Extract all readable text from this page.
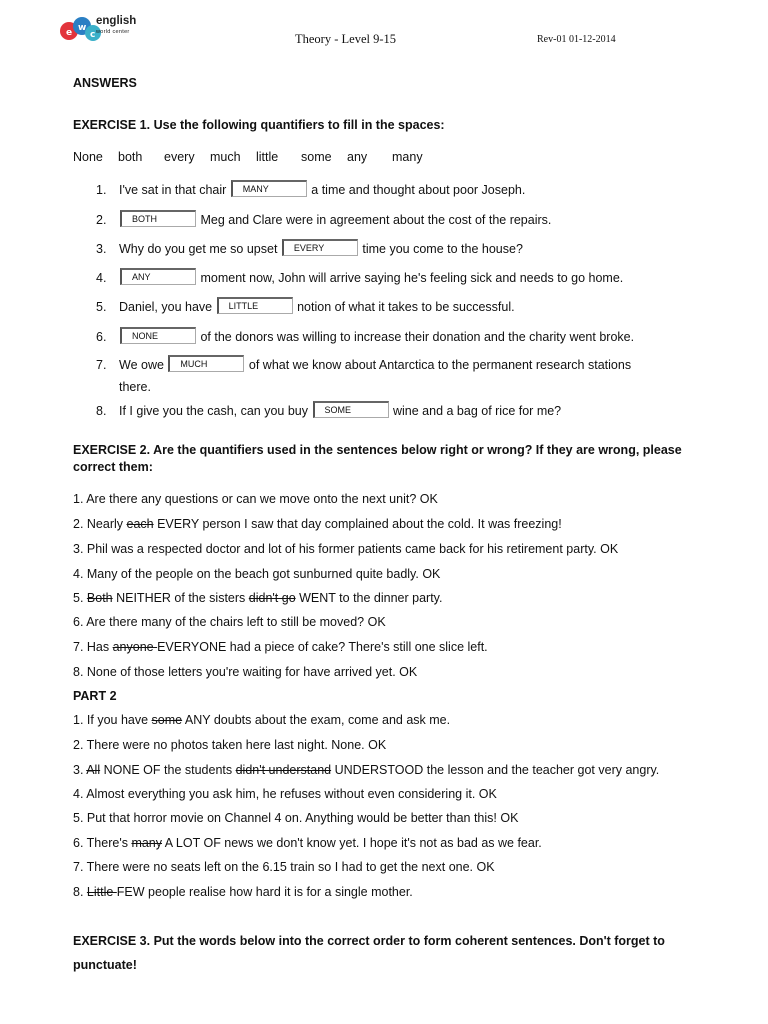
e w
c
english
world center	Theory - Level 9-15	Rev-01 01-12-2014
ANSWERS
EXERCISE 1. Use the following quantifiers to fill in the spaces:
None both every much little some any many
1. I've sat in that chair MANY	a time and thought about poor Joseph.
2.	BOTH	Meg and Clare were in agreement about the cost of the repairs.
3. Why do you get me so upset EVERY	time you come to the house?
4.	ANY	moment now, John will arrive saying he's feeling sick and needs to go home.
5. Daniel, you have LITTLE	notion of what it takes to be successful.
6.	NONE	of the donors was willing to increase their donation and the charity went broke.
7. We owe MUCH	of what we know about Antarctica to the permanent research stations
there.
8. If I give you the cash, can you buy SOME	wine and a bag of rice for me?
EXERCISE 2. Are the quantifiers used in the sentences below right or wrong? If they are wrong, please
correct them:
1. Are there any questions or can we move onto the next unit? OK
2. Nearly each EVERY person I saw that day complained about the cold. It was freezing!
3. Phil was a respected doctor and lot of his former patients came back for his retirement party. OK
4. Many of the people on the beach got sunburned quite badly. OK
5. Both NEITHER of the sisters didn't go WENT to the dinner party.
6. Are there many of the chairs left to still be moved? OK
7. Has anyone EVERYONE had a piece of cake? There's still one slice left.
8. None of those letters you're waiting for have arrived yet. OK
PART 2
1. If you have some ANY doubts about the exam, come and ask me.
2. There were no photos taken here last night. None. OK
3. All NONE OF the students didn't understand UNDERSTOOD the lesson and the teacher got very angry.
4. Almost everything you ask him, he refuses without even considering it. OK
5. Put that horror movie on Channel 4 on. Anything would be better than this! OK
6. There's many A LOT OF news we don't know yet. I hope it's not as bad as we fear.
7. There were no seats left on the 6.15 train so I had to get the next one. OK
8. Little FEW people realise how hard it is for a single mother.
EXERCISE 3. Put the words below into the correct order to form coherent sentences. Don't forget to
punctuate!
